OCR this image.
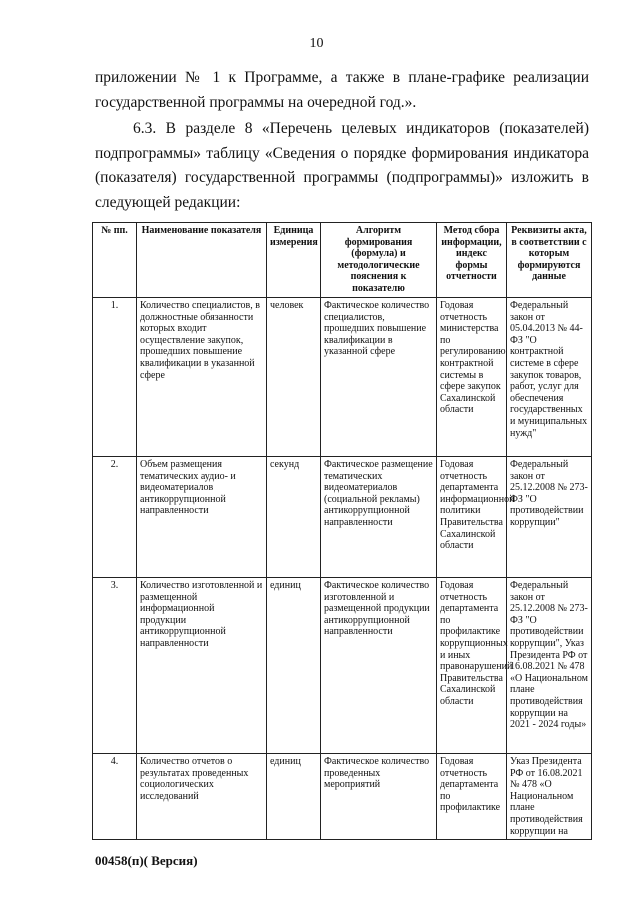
10
приложении № 1 к Программе, а также в плане-графике реализации государственной программы на очередной год.».
6.3. В разделе 8 «Перечень целевых индикаторов (показателей) подпрограммы» таблицу «Сведения о порядке формирования индикатора (показателя) государственной программы (подпрограммы)» изложить в следующей редакции:
№ пп.	Наименование показателя	Единица измерения	Алгоритм формирования (формула) и методологические пояснения к показателю	Метод сбора информации, индекс формы отчетности	Реквизиты акта, в соответствии с которым формируются данные
1.	Количество специалистов, в должностные обязанности которых входит осуществление закупок, прошедших повышение квалификации в указанной сфере	человек	Фактическое количество специалистов, прошедших повышение квалификации в указанной сфере	Годовая отчетность министерства по регулированию контрактной системы в сфере закупок Сахалинской области	Федеральный закон от 05.04.2013 № 44-ФЗ "О контрактной системе в сфере закупок товаров, работ, услуг для обеспечения государственных и муниципальных нужд"
2.	Объем размещения тематических аудио- и видеоматериалов антикоррупционной направленности	секунд	Фактическое размещение тематических видеоматериалов (социальной рекламы) антикоррупционной направленности	Годовая отчетность департамента информационной политики Правительства Сахалинской области	Федеральный закон от 25.12.2008 № 273-ФЗ "О противодействии коррупции"
3.	Количество изготовленной и размещенной информационной продукции антикоррупционной направленности	единиц	Фактическое количество изготовленной и размещенной продукции антикоррупционной направленности	Годовая отчетность департамента по профилактике коррупционных и иных правонарушений Правительства Сахалинской области	Федеральный закон от 25.12.2008 № 273-ФЗ "О противодействии коррупции", Указ Президента РФ от 16.08.2021 № 478 «О Национальном плане противодействия коррупции на 2021 - 2024 годы»
4.	Количество отчетов о результатах проведенных социологических исследований	единиц	Фактическое количество проведенных мероприятий	Годовая отчетность департамента по профилактике	Указ Президента РФ от 16.08.2021 № 478 «О Национальном плане противодействия коррупции на
00458(п)( Версия)
